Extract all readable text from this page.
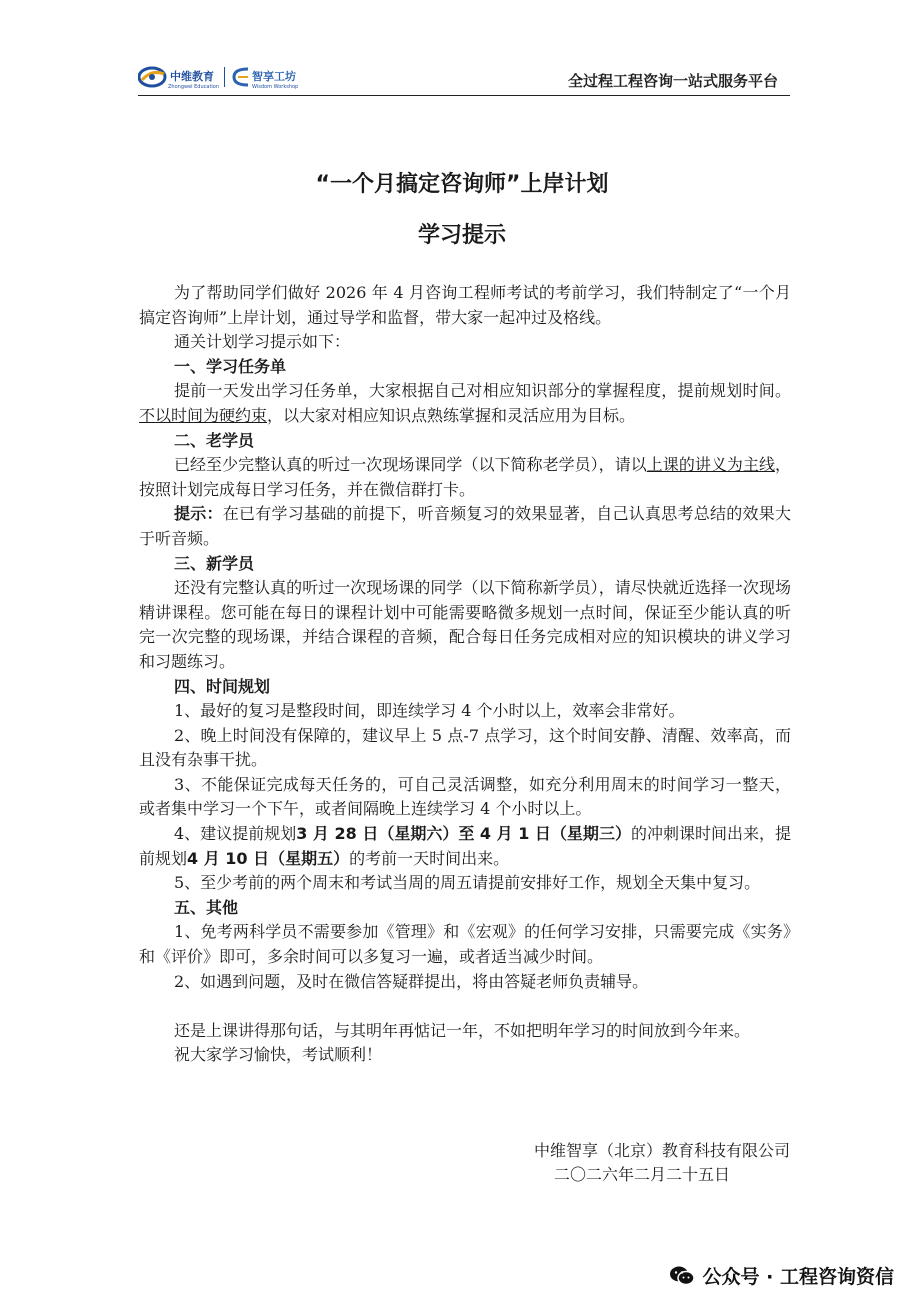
中维教育
Zhongwei Education
智享工坊
Wisdom Workshop	全过程工程咨询一站式服务平台
“一个月搞定咨询师”上岸计划
学习提示

为了帮助同学们做好 2026 年 4 月咨询工程师考试的考前学习，我们特制定了“一个月搞定咨询师”上岸计划，通过导学和监督，带大家一起冲过及格线。

通关计划学习提示如下：

一、学习任务单

提前一天发出学习任务单，大家根据自己对相应知识部分的掌握程度，提前规划时间。不以时间为硬约束，以大家对相应知识点熟练掌握和灵活应用为目标。

二、老学员

已经至少完整认真的听过一次现场课同学（以下简称老学员），请以上课的讲义为主线，按照计划完成每日学习任务，并在微信群打卡。

提示：在已有学习基础的前提下，听音频复习的效果显著，自己认真思考总结的效果大于听音频。

三、新学员

还没有完整认真的听过一次现场课的同学（以下简称新学员），请尽快就近选择一次现场精讲课程。您可能在每日的课程计划中可能需要略微多规划一点时间，保证至少能认真的听完一次完整的现场课，并结合课程的音频，配合每日任务完成相对应的知识模块的讲义学习和习题练习。

四、时间规划

1、最好的复习是整段时间，即连续学习 4 个小时以上，效率会非常好。

2、晚上时间没有保障的，建议早上 5 点-7 点学习，这个时间安静、清醒、效率高，而且没有杂事干扰。

3、不能保证完成每天任务的，可自己灵活调整，如充分利用周末的时间学习一整天，或者集中学习一个下午，或者间隔晚上连续学习 4 个小时以上。

4、建议提前规划3 月 28 日（星期六）至 4 月 1 日（星期三）的冲刺课时间出来，提前规划4 月 10 日（星期五）的考前一天时间出来。

5、至少考前的两个周末和考试当周的周五请提前安排好工作，规划全天集中复习。

五、其他

1、免考两科学员不需要参加《管理》和《宏观》的任何学习安排，只需要完成《实务》和《评价》即可，多余时间可以多复习一遍，或者适当减少时间。

2、如遇到问题，及时在微信答疑群提出，将由答疑老师负责辅导。

还是上课讲得那句话，与其明年再惦记一年，不如把明年学习的时间放到今年来。

祝大家学习愉快，考试顺利！

中维智享（北京）教育科技有限公司
二〇二六年二月二十五日
公众号 · 工程咨询资信
